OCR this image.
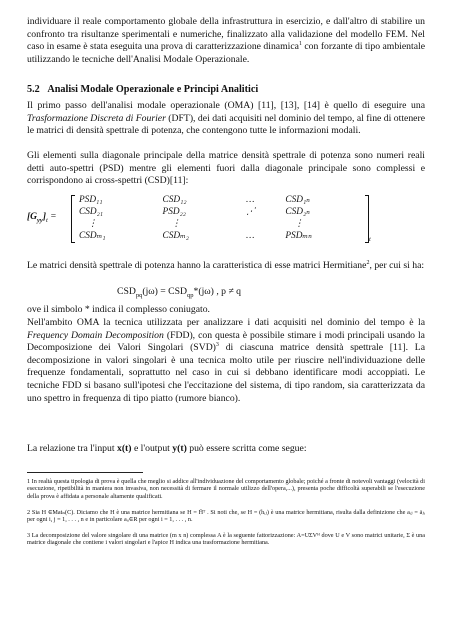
individuare il reale comportamento globale della infrastruttura in esercizio, e dall'altro di stabilire un confronto tra risultanze sperimentali e numeriche, finalizzato alla validazione del modello FEM. Nel caso in esame è stata eseguita una prova di caratterizzazione dinamica$^1$ con forzante di tipo ambientale utilizzando le tecniche dell'Analisi Modale Operazionale.

5.2 Analisi Modale Operazionale e Principi Analitici

Il primo passo dell'analisi modale operazionale (OMA) [11], [13], [14] è quello di eseguire una Trasformazione Discreta di Fourier (DFT), dei dati acquisiti nel dominio del tempo, al fine di ottenere le matrici di densità spettrale di potenza, che contengono tutte le informazioni modali.

Gli elementi sulla diagonale principale della matrice densità spettrale di potenza sono numeri reali detti auto-spettri (PSD) mentre gli elementi fuori dalla diagonale principale sono complessi e corrispondono ai cross-spettri (CSD)[11]:

$[G_{yy}]_t$ =
PSD₁₁	CSD₁₂	…	CSD₁ₙ
CSD₂₁	PSD₂₂	⋰	CSD₂ₙ
⋮	⋮		⋮
CSDₘ₁	CSDₘ₂	…	PSDₘₙ	t

Le matrici densità spettrale di potenza hanno la caratteristica di esse matrici Hermitiane$^2$, per cui si ha:

$CSD_{pq}(j\omega) = CSD_{qp}*(j\omega)$ , p ≠ q

ove il simbolo * indica il complesso coniugato.

Nell'ambito OMA la tecnica utilizzata per analizzare i dati acquisiti nel dominio del tempo è la Frequency Domain Decomposition (FDD), con questa è possibile stimare i modi principali usando la Decomposizione dei Valori Singolari (SVD)$^3$ di ciascuna matrice densità spettrale [11]. La decomposizione in valori singolari è una tecnica molto utile per riuscire nell'individuazione delle frequenze fondamentali, soprattutto nel caso in cui si debbano identificare modi accoppiati. Le tecniche FDD si basano sull'ipotesi che l'eccitazione del sistema, di tipo random, sia caratterizzata da uno spettro in frequenza di tipo piatto (rumore bianco).

La relazione tra l'input x(t) e l'output y(t) può essere scritta come segue:

1 In realtà questa tipologia di prova è quella che meglio si addice all'individuazione del comportamento globale; poiché a fronte di notevoli vantaggi (velocità di esecuzione, ripetibilità in maniera non invasiva, non necessità di fermare il normale utilizzo dell'opera,...), presenta poche difficoltà superabili se l'esecuzione della prova è affidata a personale altamente qualificati.

2 Sia H ∈Matₙ(C). Diciamo che H è una matrice hermitiana se H = H̄ᵀ . Si noti che, se H = (hᵢⱼ) è una matrice hermitiana, risulta dalla definizione che aᵢⱼ = āⱼᵢ per ogni i, j = 1, . . . , n e in particolare aᵢᵢ∈R per ogni i = 1, . . . , n.

3 La decomposizione del valore singolare di una matrice (m x n) complessa A è la seguente fattorizzazione: A=UΣVᴴ dove U e V sono matrici unitarie, Σ è una matrice diagonale che contiene i valori singolari e l'apice H indica una trasformazione hermitiana.
